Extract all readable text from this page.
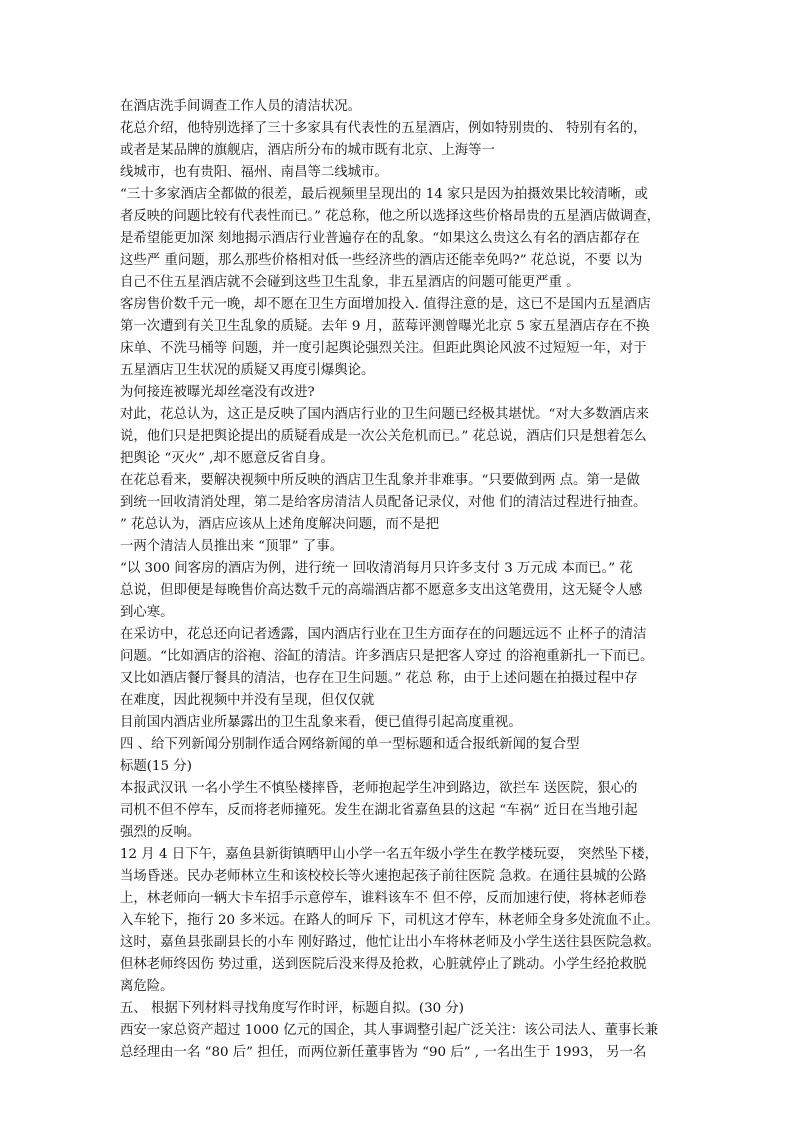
在酒店洗手间调查工作人员的清洁状况。
花总介绍，他特别选择了三十多家具有代表性的五星酒店，例如特别贵的、 特别有名的，
或者是某品牌的旗舰店，酒店所分布的城市既有北京、上海等一
线城市，也有贵阳、福州、南昌等二线城市。
“三十多家酒店全都做的很差，最后视频里呈现出的 14 家只是因为拍摄效果比较清晰，或
者反映的问题比较有代表性而已。” 花总称，他之所以选择这些价格昂贵的五星酒店做调查，
是希望能更加深 刻地揭示酒店行业普遍存在的乱象。“如果这么贵这么有名的酒店都存在
这些严 重问题，那么那些价格相对低一些经济些的酒店还能幸免吗?” 花总说，不要 以为
自己不住五星酒店就不会碰到这些卫生乱象，非五星酒店的问题可能更严重 。
客房售价数千元一晚，却不愿在卫生方面增加投入. 值得注意的是，这已不是国内五星酒店
第一次遭到有关卫生乱象的质疑。去年 9 月，蓝莓评测曾曝光北京 5 家五星酒店存在不换
床单、不洗马桶等 问题，并一度引起舆论强烈关注。但距此舆论风波不过短短一年，对于
五星酒店卫生状况的质疑又再度引爆舆论。
为何接连被曝光却丝毫没有改进?
对此，花总认为，这正是反映了国内酒店行业的卫生问题已经极其堪忧。“对大多数酒店来
说，他们只是把舆论提出的质疑看成是一次公关危机而已。” 花总说，酒店们只是想着怎么
把舆论 “灭火” ,却不愿意反省自身。
在花总看来，要解决视频中所反映的酒店卫生乱象并非难事。“只要做到两 点。第一是做
到统一回收清消处理，第二是给客房清洁人员配备记录仪，对他 们的清洁过程进行抽查。
” 花总认为，酒店应该从上述角度解决问题，而不是把
一两个清洁人员推出来 “顶罪” 了事。
“以 300 间客房的酒店为例，进行统一 回收清消每月只许多支付 3 万元成 本而已。” 花
总说，但即便是每晚售价高达数千元的高端酒店都不愿意多支出这笔费用，这无疑令人感
到心寒。
在采访中，花总还向记者透露，国内酒店行业在卫生方面存在的问题远远不 止杯子的清洁
问题。“比如酒店的浴袍、浴缸的清洁。许多酒店只是把客人穿过 的浴袍重新扎一下而已。
又比如酒店餐厅餐具的清洁，也存在卫生问题。” 花总 称，由于上述问题在拍摄过程中存
在难度，因此视频中并没有呈现，但仅仅就
目前国内酒店业所暴露出的卫生乱象来看，便已值得引起高度重视。
四 、给下列新闻分别制作适合网络新闻的单一型标题和适合报纸新闻的复合型
标题(15 分)
本报武汉讯 一名小学生不慎坠楼摔昏，老师抱起学生冲到路边，欲拦车 送医院，狠心的
司机不但不停车，反而将老师撞死。发生在湖北省嘉鱼县的这起 “车祸” 近日在当地引起
强烈的反响。
12 月 4 日下午，嘉鱼县新街镇晒甲山小学一名五年级小学生在教学楼玩耍， 突然坠下楼，
当场昏迷。民办老师林立生和该校校长等火速抱起孩子前往医院 急救。在通往县城的公路
上，林老师向一辆大卡车招手示意停车，谁料该车不 但不停，反而加速行使，将林老师卷
入车轮下，拖行 20 多米远。在路人的呵斥 下，司机这才停车，林老师全身多处流血不止。
这时，嘉鱼县张副县长的小车 刚好路过，他忙让出小车将林老师及小学生送往县医院急救。
但林老师终因伤 势过重，送到医院后没来得及抢救，心脏就停止了跳动。小学生经抢救脱
离危险。
五、 根据下列材料寻找角度写作时评，标题自拟。(30 分)
西安一家总资产超过 1000 亿元的国企，其人事调整引起广泛关注：该公司法人、董事长兼
总经理由一名 “80 后” 担任，而两位新任董事皆为 “90 后” , 一名出生于 1993， 另一名
